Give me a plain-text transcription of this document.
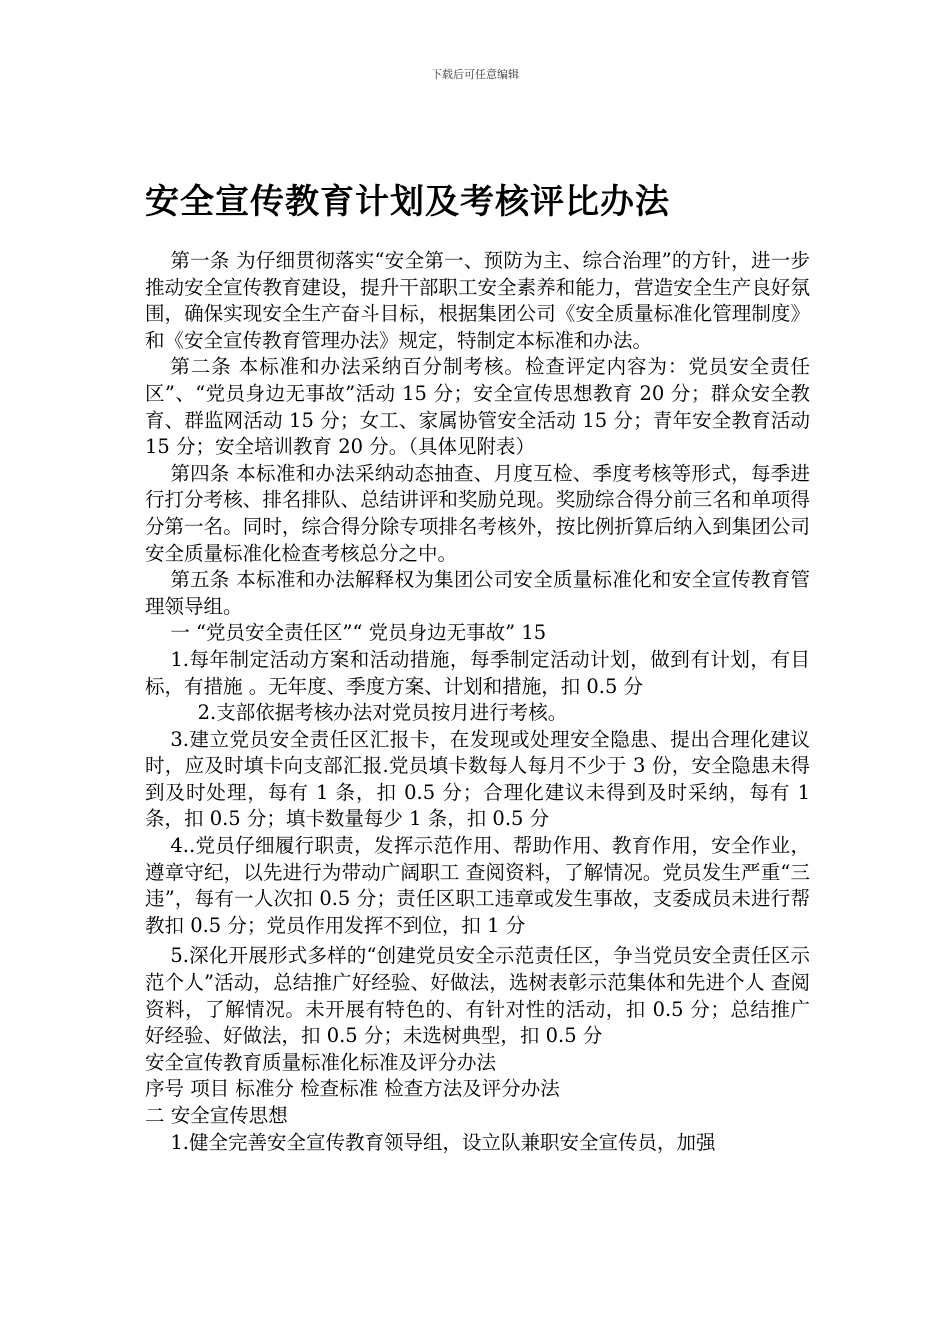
下载后可任意编辑
安全宣传教育计划及考核评比办法

第一条 为仔细贯彻落实“安全第一、预防为主、综合治理”的方针，进一步推动安全宣传教育建设，提升干部职工安全素养和能力，营造安全生产良好氛围，确保实现安全生产奋斗目标，根据集团公司《安全质量标准化管理制度》和《安全宣传教育管理办法》规定，特制定本标准和办法。

第二条 本标准和办法采纳百分制考核。检查评定内容为：党员安全责任区”、“党员身边无事故”活动 15 分；安全宣传思想教育 20 分；群众安全教育、群监网活动 15 分；女工、家属协管安全活动 15 分；青年安全教育活动 15 分；安全培训教育 20 分。（具体见附表）

第四条 本标准和办法采纳动态抽查、月度互检、季度考核等形式，每季进行打分考核、排名排队、总结讲评和奖励兑现。奖励综合得分前三名和单项得分第一名。同时，综合得分除专项排名考核外，按比例折算后纳入到集团公司安全质量标准化检查考核总分之中。

第五条 本标准和办法解释权为集团公司安全质量标准化和安全宣传教育管理领导组。

一 “党员安全责任区”“ 党员身边无事故” 15

1.每年制定活动方案和活动措施，每季制定活动计划，做到有计划，有目标，有措施 。无年度、季度方案、计划和措施，扣 0.5 分

2.支部依据考核办法对党员按月进行考核。

3.建立党员安全责任区汇报卡，在发现或处理安全隐患、提出合理化建议时，应及时填卡向支部汇报.党员填卡数每人每月不少于 3 份，安全隐患未得到及时处理，每有 1 条，扣 0.5 分；合理化建议未得到及时采纳，每有 1 条，扣 0.5 分；填卡数量每少 1 条，扣 0.5 分

4..党员仔细履行职责，发挥示范作用、帮助作用、教育作用，安全作业，遵章守纪，以先进行为带动广阔职工 查阅资料，了解情况。党员发生严重“三违”，每有一人次扣 0.5 分；责任区职工违章或发生事故，支委成员未进行帮教扣 0.5 分；党员作用发挥不到位，扣 1 分

5.深化开展形式多样的“创建党员安全示范责任区，争当党员安全责任区示范个人”活动，总结推广好经验、好做法，选树表彰示范集体和先进个人 查阅资料，了解情况。未开展有特色的、有针对性的活动，扣 0.5 分；总结推广好经验、好做法，扣 0.5 分；未选树典型，扣 0.5 分

安全宣传教育质量标准化标准及评分办法

序号 项目 标准分 检查标准 检查方法及评分办法

二 安全宣传思想

1.健全完善安全宣传教育领导组，设立队兼职安全宣传员，加强
